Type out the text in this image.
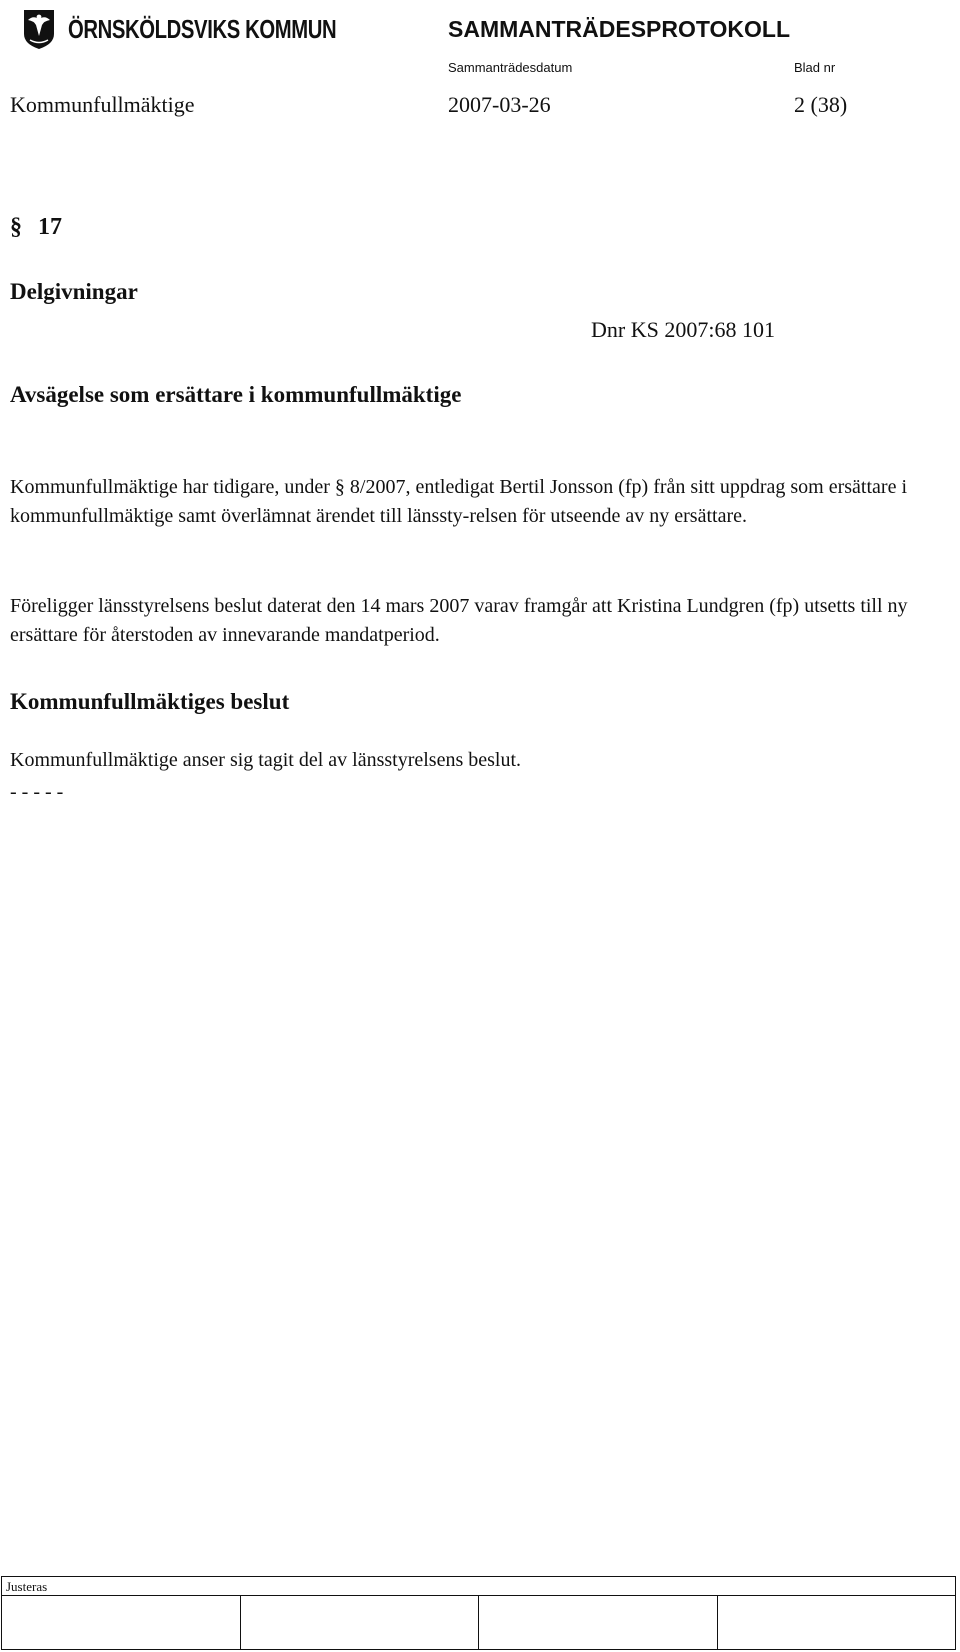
ÖRNSKÖLDSVIKS KOMMUN	SAMMANTRÄDESPROTOKOLL
Sammanträdesdatum	Blad nr
Kommunfullmäktige	2007-03-26	2 (38)
§ 17
Delgivningar
Dnr KS 2007:68 101
Avsägelse som ersättare i kommunfullmäktige

Kommunfullmäktige har tidigare, under § 8/2007, entledigat Bertil Jonsson (fp) från sitt uppdrag som ersättare i kommunfullmäktige samt överlämnat ärendet till länssty-relsen för utseende av ny ersättare.

Föreligger länsstyrelsens beslut daterat den 14 mars 2007 varav framgår att Kristina Lundgren (fp) utsetts till ny ersättare för återstoden av innevarande mandatperiod.

Kommunfullmäktiges beslut
Kommunfullmäktige anser sig tagit del av länsstyrelsens beslut.
- - - - -
Justeras
